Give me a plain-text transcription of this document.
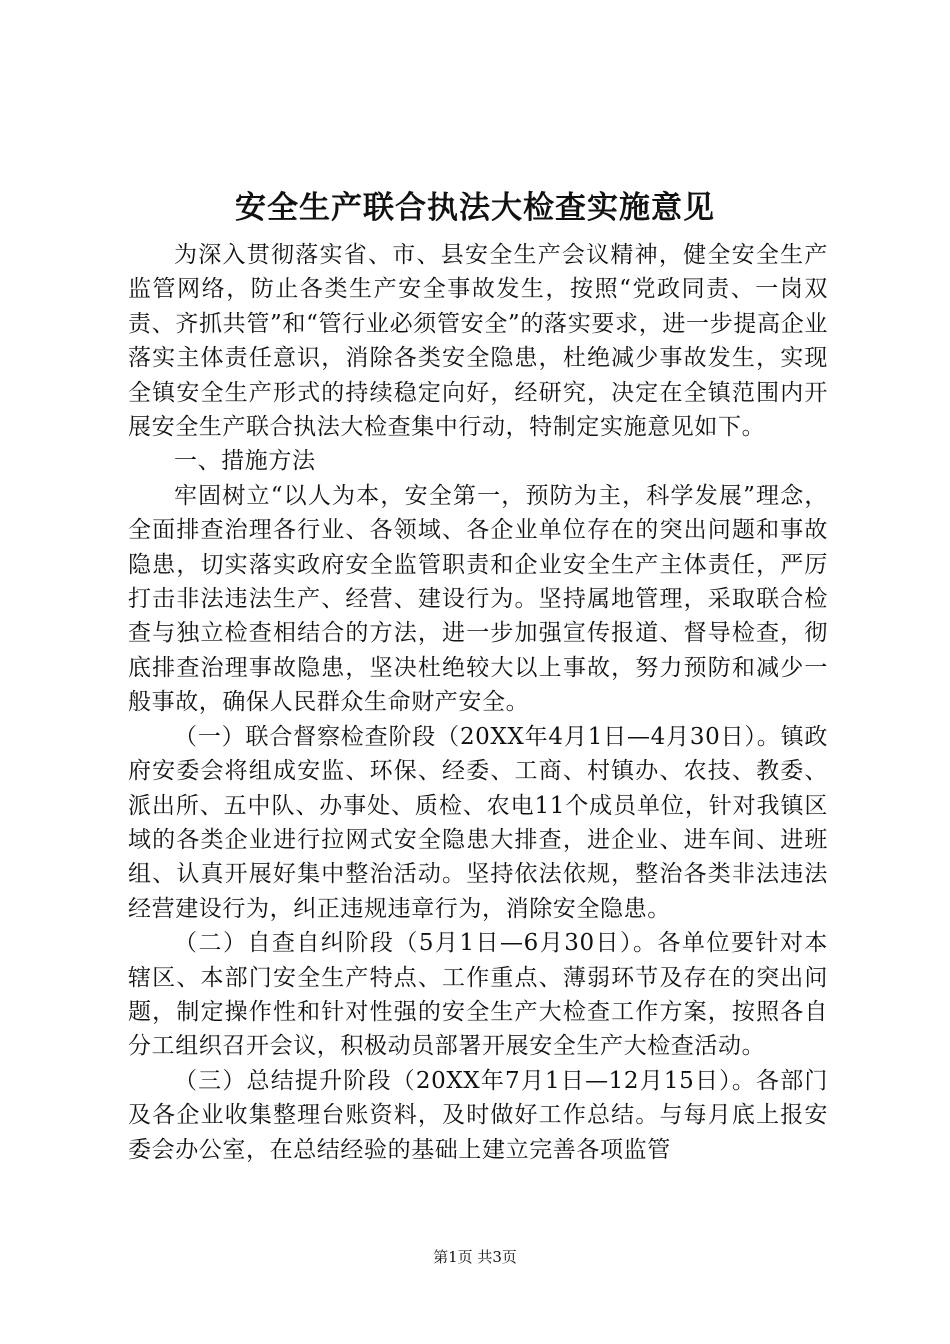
安全生产联合执法大检查实施意见

为深入贯彻落实省、市、县安全生产会议精神，健全安全生产监管网络，防止各类生产安全事故发生，按照“党政同责、一岗双责、齐抓共管”和“管行业必须管安全”的落实要求，进一步提高企业落实主体责任意识，消除各类安全隐患，杜绝减少事故发生，实现全镇安全生产形式的持续稳定向好，经研究，决定在全镇范围内开展安全生产联合执法大检查集中行动，特制定实施意见如下。

一、措施方法

牢固树立“以人为本，安全第一，预防为主，科学发展”理念，全面排查治理各行业、各领域、各企业单位存在的突出问题和事故隐患，切实落实政府安全监管职责和企业安全生产主体责任，严厉打击非法违法生产、经营、建设行为。坚持属地管理，采取联合检查与独立检查相结合的方法，进一步加强宣传报道、督导检查，彻底排查治理事故隐患，坚决杜绝较大以上事故，努力预防和减少一般事故，确保人民群众生命财产安全。

（一）联合督察检查阶段（20XX年4月1日—4月30日）。镇政府安委会将组成安监、环保、经委、工商、村镇办、农技、教委、派出所、五中队、办事处、质检、农电11个成员单位，针对我镇区域的各类企业进行拉网式安全隐患大排查，进企业、进车间、进班组、认真开展好集中整治活动。坚持依法依规，整治各类非法违法经营建设行为，纠正违规违章行为，消除安全隐患。

（二）自查自纠阶段（5月1日—6月30日）。各单位要针对本辖区、本部门安全生产特点、工作重点、薄弱环节及存在的突出问题，制定操作性和针对性强的安全生产大检查工作方案，按照各自分工组织召开会议，积极动员部署开展安全生产大检查活动。

（三）总结提升阶段（20XX年7月1日—12月15日）。各部门及各企业收集整理台账资料，及时做好工作总结。与每月底上报安委会办公室，在总结经验的基础上建立完善各项监管

第1页 共3页
